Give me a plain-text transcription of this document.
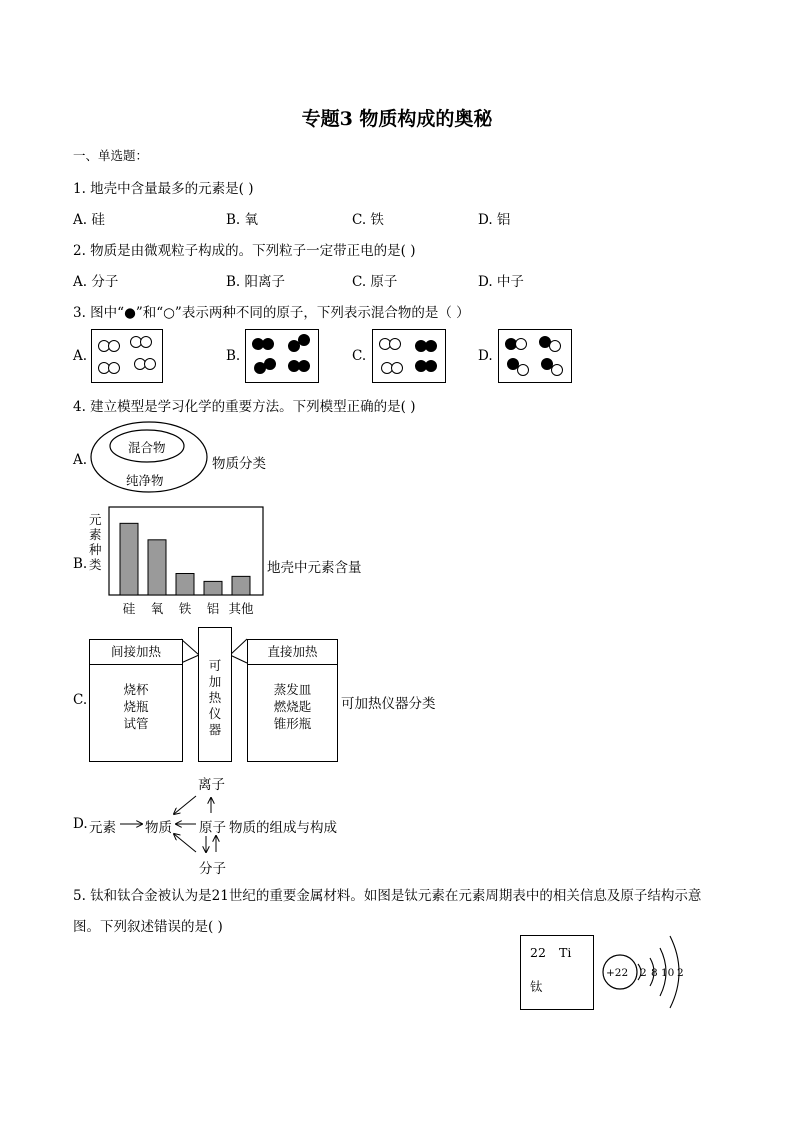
专题3 物质构成的奥秘
一、单选题：
1. 地壳中含量最多的元素是( )
A. 硅	B. 氧	C. 铁	D. 铝
2. 物质是由微观粒子构成的。下列粒子一定带正电的是( )
A. 分子	B. 阳离子	C. 原子	D. 中子
3. 图中“●”和“○”表示两种不同的原子，下列表示混合物的是（ ）
A.	B.	C.	D.
4. 建立模型是学习化学的重要方法。下列模型正确的是( )
A.
混合物
纯净物
物质分类
B.
元素种类
硅 氧 铁 铝 其他
地壳中元素含量
C.
间接加热
烧杯
烧瓶
试管
可
加
热
仪
器
直接加热
蒸发皿
燃烧匙
锥形瓶
可加热仪器分类
D. 元素 物质
离子
原子
分子
物质的组成与构成
5. 钛和钛合金被认为是21世纪的重要金属材料。如图是钛元素在元素周期表中的相关信息及原子结构示意
图。下列叙述错误的是( )
22 Ti
钛
+22 2 8 10 2
